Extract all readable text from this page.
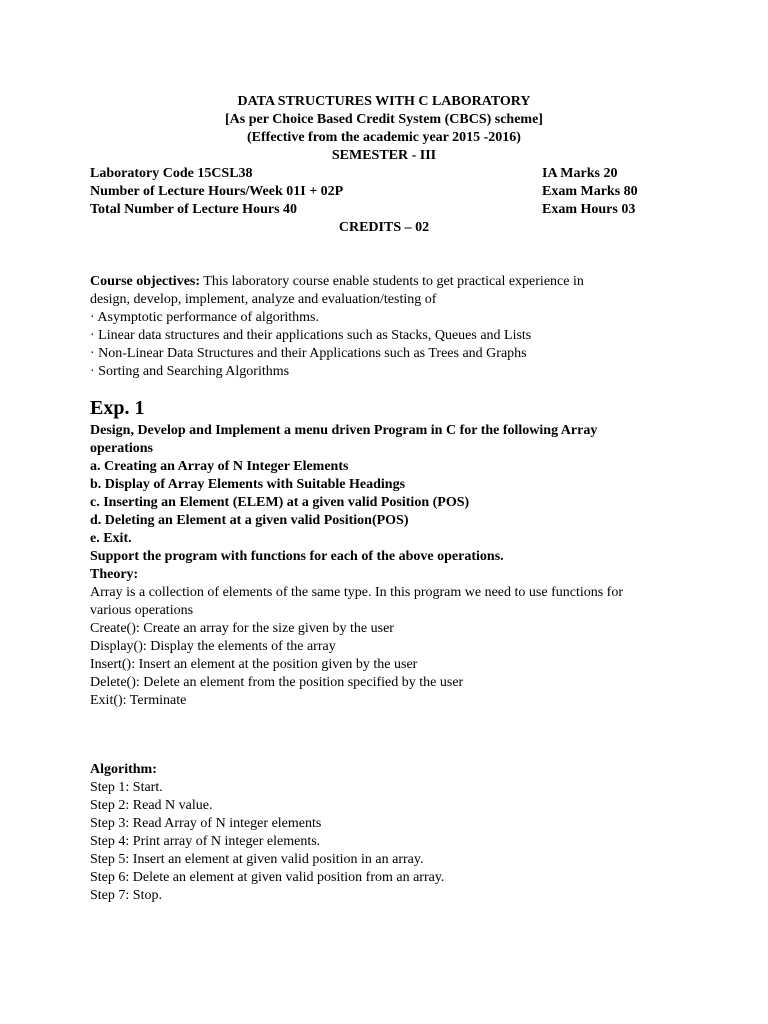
DATA STRUCTURES WITH C LABORATORY
[As per Choice Based Credit System (CBCS) scheme]
(Effective from the academic year 2015 -2016)
SEMESTER - III
Laboratory Code 15CSL38	IA Marks 20
Number of Lecture Hours/Week 01I + 02P	Exam Marks 80
Total Number of Lecture Hours 40	Exam Hours 03
CREDITS – 02
Course objectives: This laboratory course enable students to get practical experience in
design, develop, implement, analyze and evaluation/testing of
· Asymptotic performance of algorithms.
· Linear data structures and their applications such as Stacks, Queues and Lists
· Non-Linear Data Structures and their Applications such as Trees and Graphs
· Sorting and Searching Algorithms
Exp. 1
Design, Develop and Implement a menu driven Program in C for the following Array
operations
a. Creating an Array of N Integer Elements
b. Display of Array Elements with Suitable Headings
c. Inserting an Element (ELEM) at a given valid Position (POS)
d. Deleting an Element at a given valid Position(POS)
e. Exit.
Support the program with functions for each of the above operations.
Theory:
Array is a collection of elements of the same type. In this program we need to use functions for
various operations
Create(): Create an array for the size given by the user
Display(): Display the elements of the array
Insert(): Insert an element at the position given by the user
Delete(): Delete an element from the position specified by the user
Exit(): Terminate
Algorithm:
Step 1: Start.
Step 2: Read N value.
Step 3: Read Array of N integer elements
Step 4: Print array of N integer elements.
Step 5: Insert an element at given valid position in an array.
Step 6: Delete an element at given valid position from an array.
Step 7: Stop.
